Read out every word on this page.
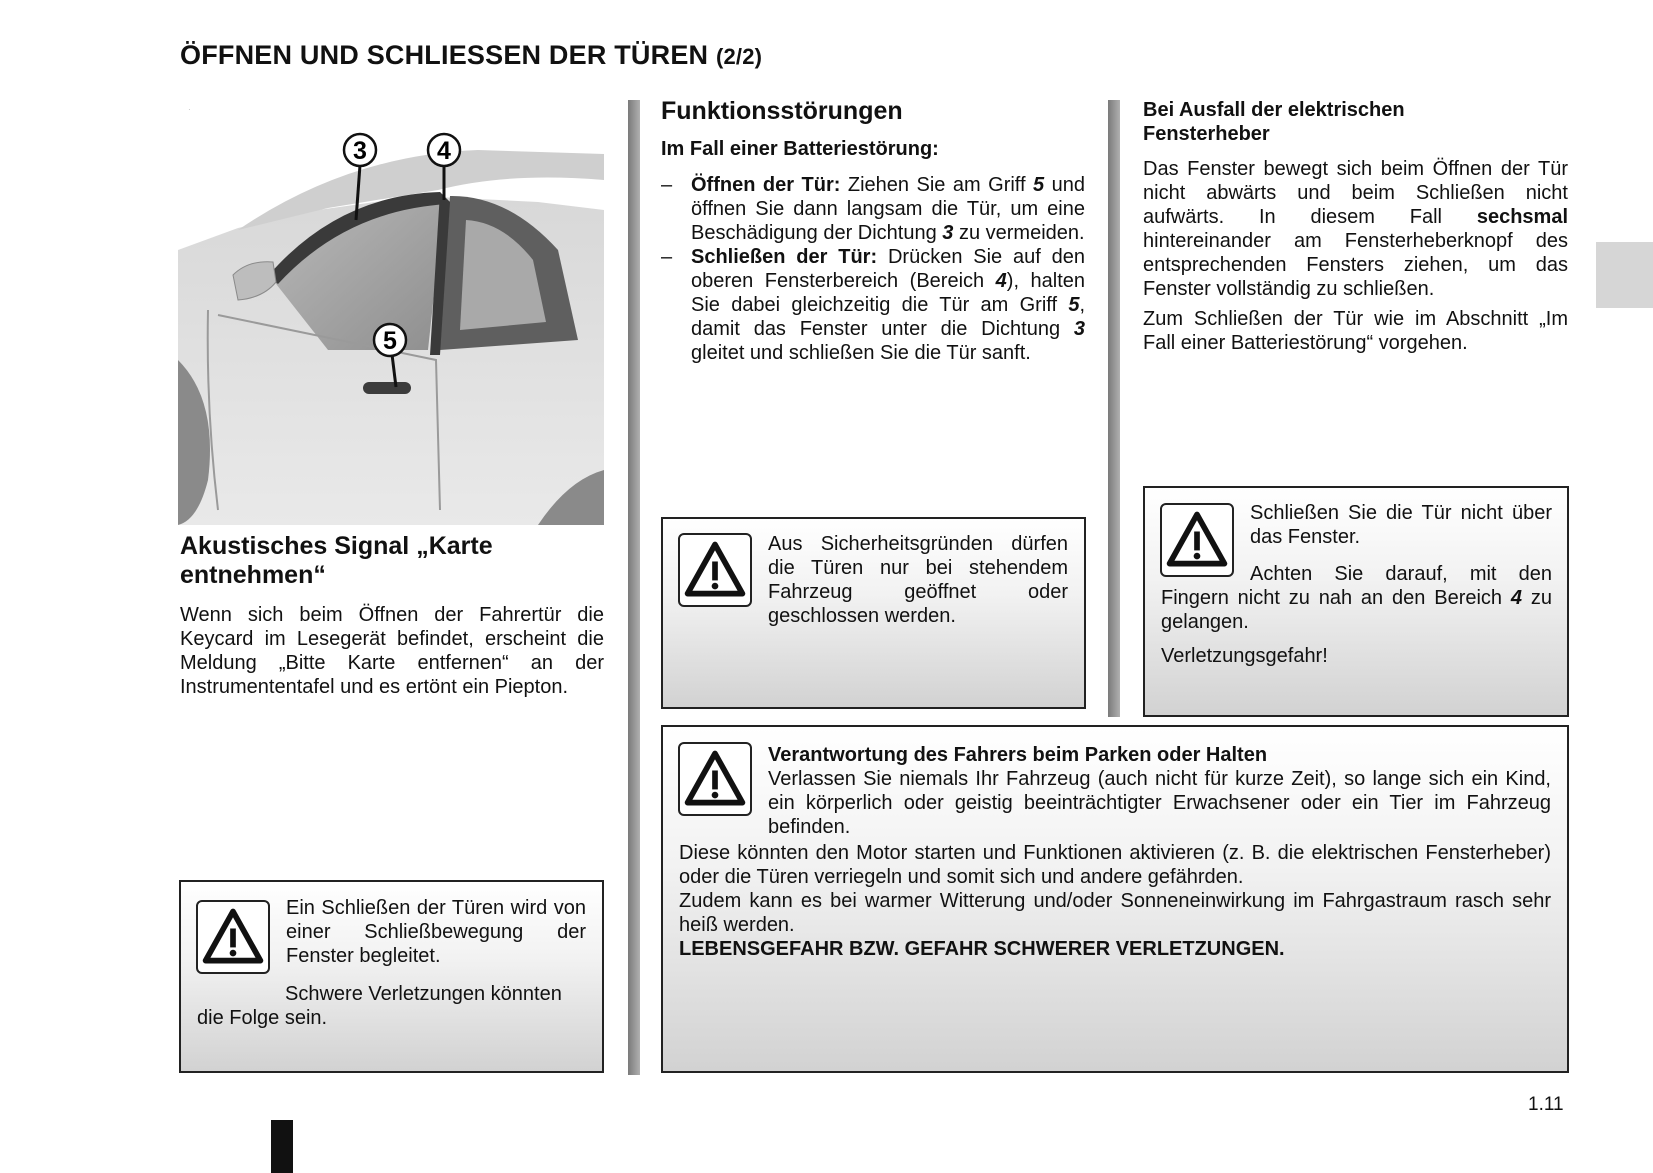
ÖFFNEN UND SCHLIESSEN DER TÜREN (2/2)
3	4
5
Akustisches Signal „Karte entnehmen“
Wenn sich beim Öffnen der Fahrertür die Keycard im Lesegerät befindet, erscheint die Meldung „Bitte Karte entfernen“ an der Instrumententafel und es ertönt ein Piepton.

Ein Schließen der Türen wird von einer Schließbewegung der Fenster begleitet.

Schwere Verletzungen könnten die Folge sein.

Funktionsstörungen
Im Fall einer Batteriestörung:
– Öffnen der Tür: Ziehen Sie am Griff 5 und öffnen Sie dann langsam die Tür, um eine Beschädigung der Dichtung 3 zu vermeiden.
– Schließen der Tür: Drücken Sie auf den oberen Fensterbereich (Bereich 4), halten Sie dabei gleichzeitig die Tür am Griff 5, damit das Fenster unter die Dichtung 3 gleitet und schließen Sie die Tür sanft.
Aus Sicherheitsgründen dürfen die Türen nur bei stehendem Fahrzeug geöffnet oder geschlossen werden.
Bei Ausfall der elektrischen Fensterheber

Das Fenster bewegt sich beim Öffnen der Tür nicht abwärts und beim Schließen nicht aufwärts. In diesem Fall sechsmal hintereinander am Fensterheberknopf des entsprechenden Fensters ziehen, um das Fenster vollständig zu schließen.

Zum Schließen der Tür wie im Abschnitt „Im Fall einer Batteriestörung“ vorgehen.

Schließen Sie die Tür nicht über das Fenster.

Achten Sie darauf, mit den Fingern nicht zu nah an den Bereich 4 zu gelangen.

Verletzungsgefahr!

Verantwortung des Fahrers beim Parken oder Halten
Verlassen Sie niemals Ihr Fahrzeug (auch nicht für kurze Zeit), so lange sich ein Kind, ein körperlich oder geistig beeinträchtigter Erwachsener oder ein Tier im Fahrzeug befinden.
Diese könnten den Motor starten und Funktionen aktivieren (z. B. die elektrischen Fensterheber) oder die Türen verriegeln und somit sich und andere gefährden.
Zudem kann es bei warmer Witterung und/oder Sonneneinwirkung im Fahrgastraum rasch sehr heiß werden.
LEBENSGEFAHR BZW. GEFAHR SCHWERER VERLETZUNGEN.
1.11
